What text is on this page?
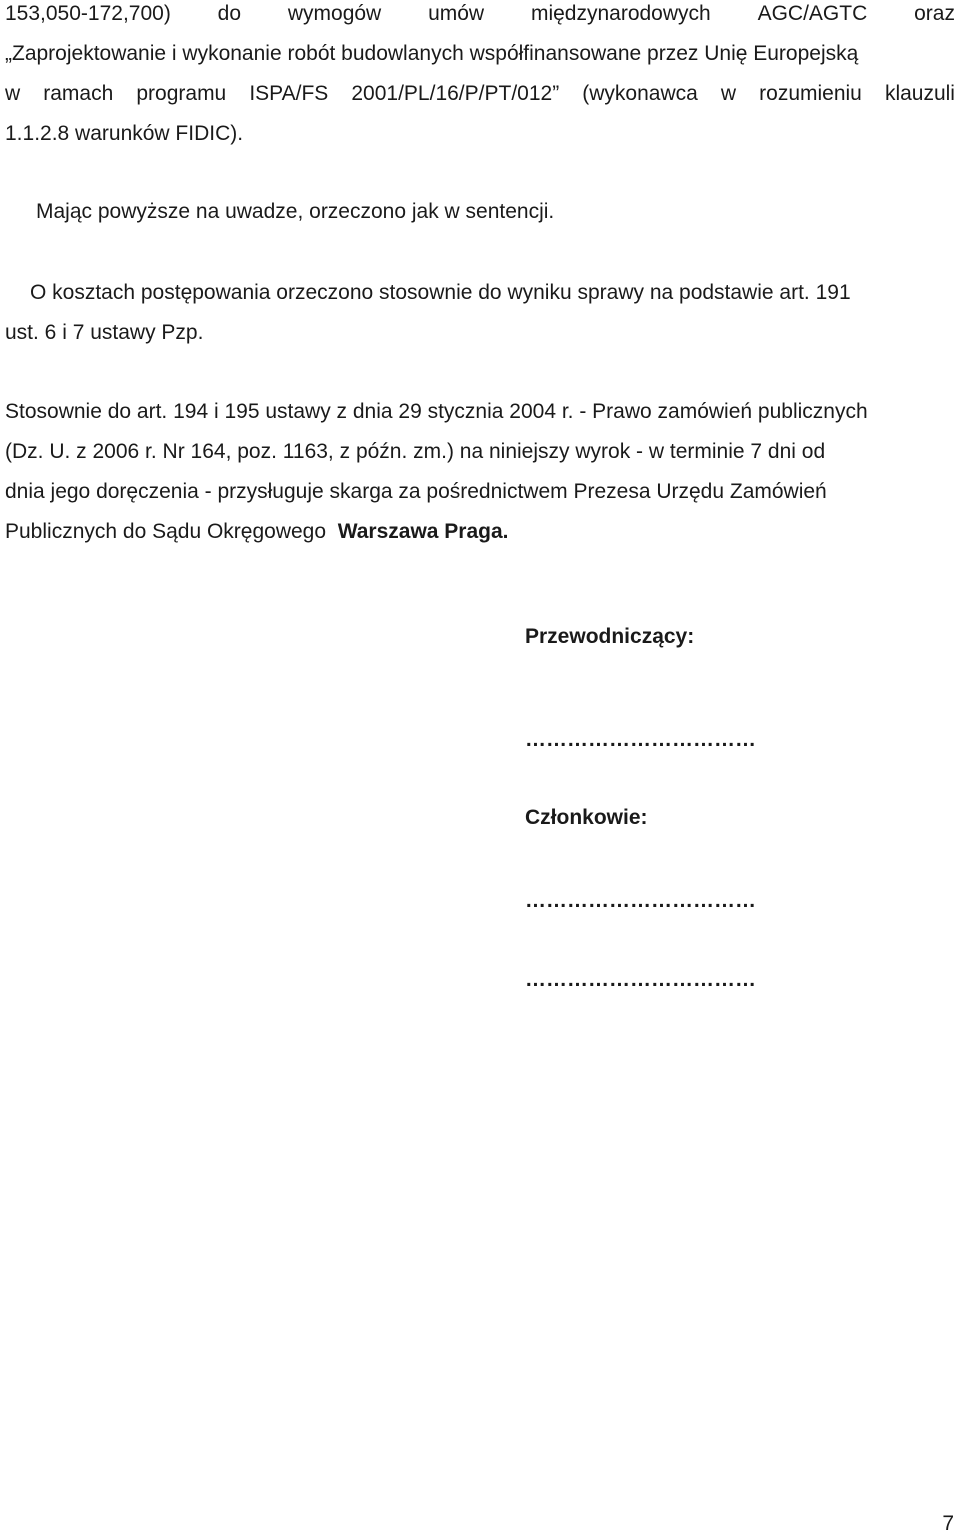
153,050-172,700) do wymogów umów międzynarodowych AGC/AGTC oraz
„Zaprojektowanie i wykonanie robót budowlanych współfinansowane przez Unię Europejską
w ramach programu ISPA/FS 2001/PL/16/P/PT/012” (wykonawca w rozumieniu klauzuli
1.1.2.8 warunków FIDIC).
Mając powyższe na uwadze, orzeczono jak w sentencji.
O kosztach postępowania orzeczono stosownie do wyniku sprawy na podstawie art. 191
ust. 6 i 7 ustawy Pzp.
Stosownie do art. 194 i 195 ustawy z dnia 29 stycznia 2004 r. - Prawo zamówień publicznych
(Dz. U. z 2006 r. Nr 164, poz. 1163, z późn. zm.) na niniejszy wyrok - w terminie 7 dni od
dnia jego doręczenia - przysługuje skarga za pośrednictwem Prezesa Urzędu Zamówień
Publicznych do Sądu Okręgowego Warszawa Praga.
Przewodniczący:
……………………………
Członkowie:
……………………………
……………………………
7
